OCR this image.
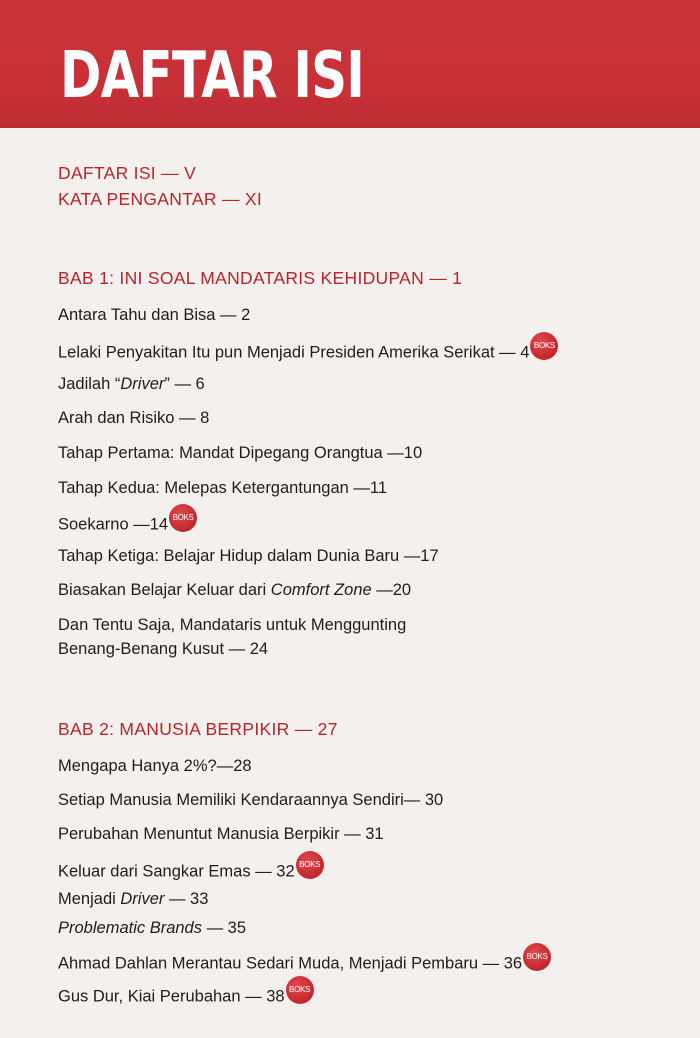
DAFTAR ISI
DAFTAR ISI — V
KATA PENGANTAR — XI
BAB 1: INI SOAL MANDATARIS KEHIDUPAN — 1
Antara Tahu dan Bisa — 2
Lelaki Penyakitan Itu pun Menjadi Presiden Amerika Serikat — 4 BOKS
Jadilah “Driver” — 6
Arah dan Risiko — 8
Tahap Pertama: Mandat Dipegang Orangtua —10
Tahap Kedua: Melepas Ketergantungan —11
Soekarno —14 BOKS
Tahap Ketiga: Belajar Hidup dalam Dunia Baru —17
Biasakan Belajar Keluar dari Comfort Zone —20
Dan Tentu Saja, Mandataris untuk Menggunting
Benang-Benang Kusut — 24
BAB 2: MANUSIA BERPIKIR — 27
Mengapa Hanya 2%?—28
Setiap Manusia Memiliki Kendaraannya Sendiri— 30
Perubahan Menuntut Manusia Berpikir — 31
Keluar dari Sangkar Emas — 32 BOKS
Menjadi Driver — 33
Problematic Brands — 35
Ahmad Dahlan Merantau Sedari Muda, Menjadi Pembaru — 36 BOKS
Gus Dur, Kiai Perubahan — 38 BOKS
